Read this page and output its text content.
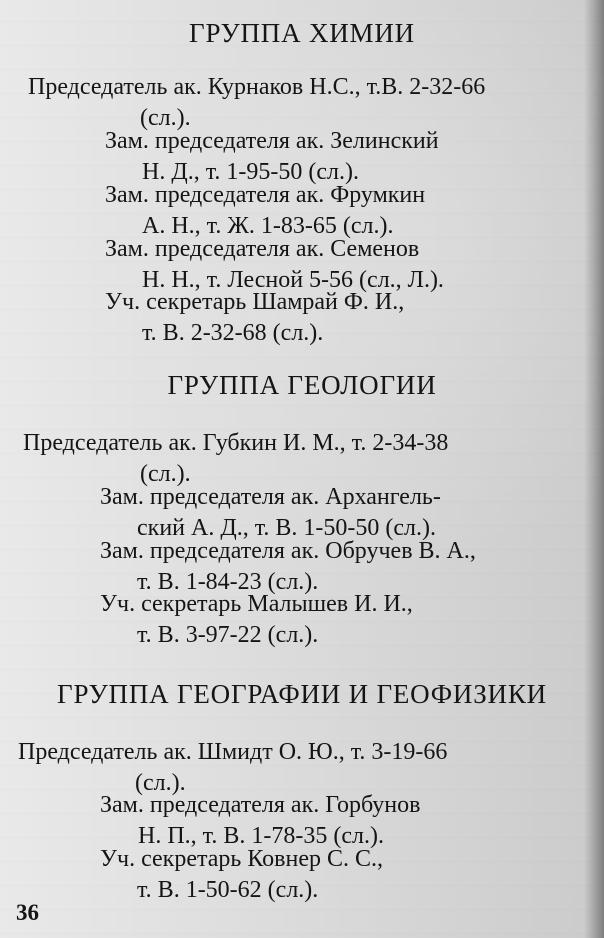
ГРУППА ХИМИИ
Председатель ак. Курнаков Н.С., т.В. 2-32-66
(сл.).
Зам. председателя ак. Зелинский
Н. Д., т. 1-95-50 (сл.).
Зам. председателя ак. Фрумкин
А. Н., т. Ж. 1-83-65 (сл.).
Зам. председателя ак. Семенов
Н. Н., т. Лесной 5-56 (сл., Л.).
Уч. секретарь Шамрай Ф. И.,
т. В. 2-32-68 (сл.).
ГРУППА ГЕОЛОГИИ
Председатель ак. Губкин И. М., т. 2-34-38
(сл.).
Зам. председателя ак. Архангель-
ский А. Д., т. В. 1-50-50 (сл.).
Зам. председателя ак. Обручев В. А.,
т. В. 1-84-23 (сл.).
Уч. секретарь Малышев И. И.,
т. В. 3-97-22 (сл.).
ГРУППА ГЕОГРАФИИ И ГЕОФИЗИКИ
Председатель ак. Шмидт О. Ю., т. 3-19-66
(сл.).
Зам. председателя ак. Горбунов
Н. П., т. В. 1-78-35 (сл.).
Уч. секретарь Ковнер С. С.,
т. В. 1-50-62 (сл.).
36
